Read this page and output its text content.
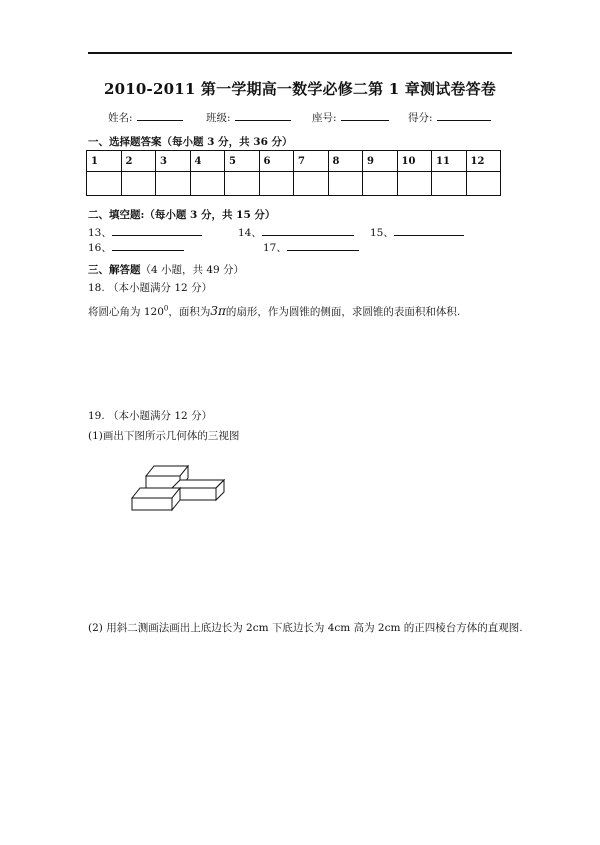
2010-2011 第一学期高一数学必修二第 1 章测试卷答卷
姓名:	班级:	座号:	得分:
一、选择题答案（每小题 3 分，共 36 分）
1	2	3	4	5	6	7	8	9	10	11	12

二、填空题:（每小题 3 分，共 15 分）
13、	14、	15、
16、	17、
三、解答题（4 小题，共 49 分）
18. （本小题满分 12 分）
将圆心角为 $120^0$，面积为3π的扇形，作为圆锥的侧面，求圆锥的表面积和体积.
19. （本小题满分 12 分）
(1)画出下图所示几何体的三视图
(2) 用斜二测画法画出上底边长为 2cm 下底边长为 4cm 高为 2cm 的正四棱台方体的直观图.
